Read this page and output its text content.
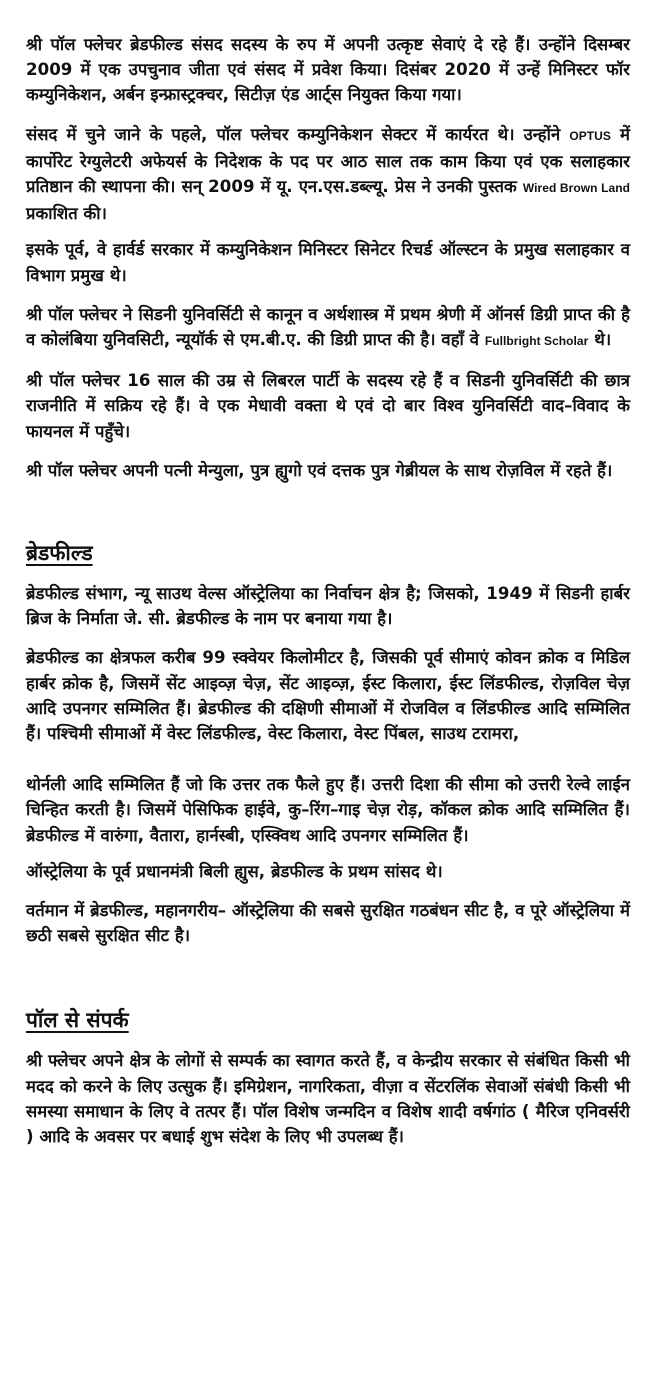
श्री पॉल फ्लेचर ब्रेडफील्ड संसद सदस्य के रुप में अपनी उत्कृष्ट सेवाएं दे रहे हैं। उन्होंने दिसम्बर 2009 में एक उपचुनाव जीता एवं संसद में प्रवेश किया। दिसंबर 2020 में उन्हें मिनिस्टर फॉर कम्युनिकेशन, अर्बन इन्फ्रास्ट्रक्चर, सिटीज़ एंड आर्ट्स नियुक्त किया गया।

संसद में चुने जाने के पहले, पॉल फ्लेचर कम्युनिकेशन सेक्टर में कार्यरत थे। उन्होंने OPTUS में कार्पोरेट रेग्युलेटरी अफेयर्स के निदेशक के पद पर आठ साल तक काम किया एवं एक सलाहकार प्रतिष्ठान की स्थापना की। सन् 2009 में यू. एन.एस.डब्ल्यू. प्रेस ने उनकी पुस्तक Wired Brown Land प्रकाशित की।

इसके पूर्व, वे हार्वर्ड सरकार में कम्युनिकेशन मिनिस्टर सिनेटर रिचर्ड ऑल्स्टन के प्रमुख सलाहकार व विभाग प्रमुख थे।

श्री पॉल फ्लेचर ने सिडनी युनिवर्सिटी से कानून व अर्थशास्त्र में प्रथम श्रेणी में ऑनर्स डिग्री प्राप्त की है व कोलंबिया युनिवसिटी, न्यूयॉर्क से एम.बी.ए. की डिग्री प्राप्त की है। वहाँ वे Fullbright Scholar थे।

श्री पॉल फ्लेचर 16 साल की उम्र से लिबरल पार्टी के सदस्य रहे हैं व सिडनी युनिवर्सिटी की छात्र राजनीति में सक्रिय रहे हैं। वे एक मेधावी वक्ता थे एवं दो बार विश्व युनिवर्सिटी वाद–विवाद के फायनल में पहुँचे।

श्री पॉल फ्लेचर अपनी पत्नी मेन्युला, पुत्र ह्युगो एवं दत्तक पुत्र गेब्रीयल के साथ रोज़विल में रहते हैं।

ब्रेडफील्ड

ब्रेडफील्ड संभाग, न्यू साउथ वेल्स ऑस्ट्रेलिया का निर्वाचन क्षेत्र है; जिसको, 1949 में सिडनी हार्बर ब्रिज के निर्माता जे. सी. ब्रेडफील्ड के नाम पर बनाया गया है।

ब्रेडफील्ड का क्षेत्रफल करीब 99 स्क्वेयर किलोमीटर है, जिसकी पूर्व सीमाएं कोवन क्रोक व मिडिल हार्बर क्रोक है, जिसमें सेंट आइव्ज़ चेज़, सेंट आइव्ज़, ईस्ट किलारा, ईस्ट लिंडफील्ड, रोज़विल चेज़ आदि उपनगर सम्मिलित हैं। ब्रेडफील्ड की दक्षिणी सीमाओं में रोजविल व लिंडफील्ड आदि सम्मिलित हैं। पश्चिमी सीमाओं में वेस्ट लिंडफील्ड, वेस्ट किलारा, वेस्ट पिंबल, साउथ टरामरा,

थोर्नली आदि सम्मिलित हैं जो कि उत्तर तक फैले हुए हैं। उत्तरी दिशा की सीमा को उत्तरी रेल्वे लाईन चिन्हित करती है। जिसमें पेसिफिक हाईवे, कु–रिंग–गाइ चेज़ रोड़, कॉकल क्रोक आदि सम्मिलित हैं। ब्रेडफील्ड में वारुंगा, वैतारा, हार्नस्बी, एस्क्विथ आदि उपनगर सम्मिलित हैं।

ऑस्ट्रेलिया के पूर्व प्रधानमंत्री बिली ह्युस, ब्रेडफील्ड के प्रथम सांसद थे।

वर्तमान में ब्रेडफील्ड, महानगरीय– ऑस्ट्रेलिया की सबसे सुरक्षित गठबंधन सीट है, व पूरे ऑस्ट्रेलिया में छठी सबसे सुरक्षित सीट है।

पॉल से संपर्क

श्री फ्लेचर अपने क्षेत्र के लोगों से सम्पर्क का स्वागत करते हैं, व केन्द्रीय सरकार से संबंधित किसी भी मदद को करने के लिए उत्सुक हैं। इमिग्रेशन, नागरिकता, वीज़ा व सेंटरलिंक सेवाओं संबंधी किसी भी समस्या समाधान के लिए वे तत्पर हैं। पॉल विशेष जन्मदिन व विशेष शादी वर्षगांठ ( मैरिज एनिवर्सरी ) आदि के अवसर पर बधाई शुभ संदेश के लिए भी उपलब्ध हैं।
